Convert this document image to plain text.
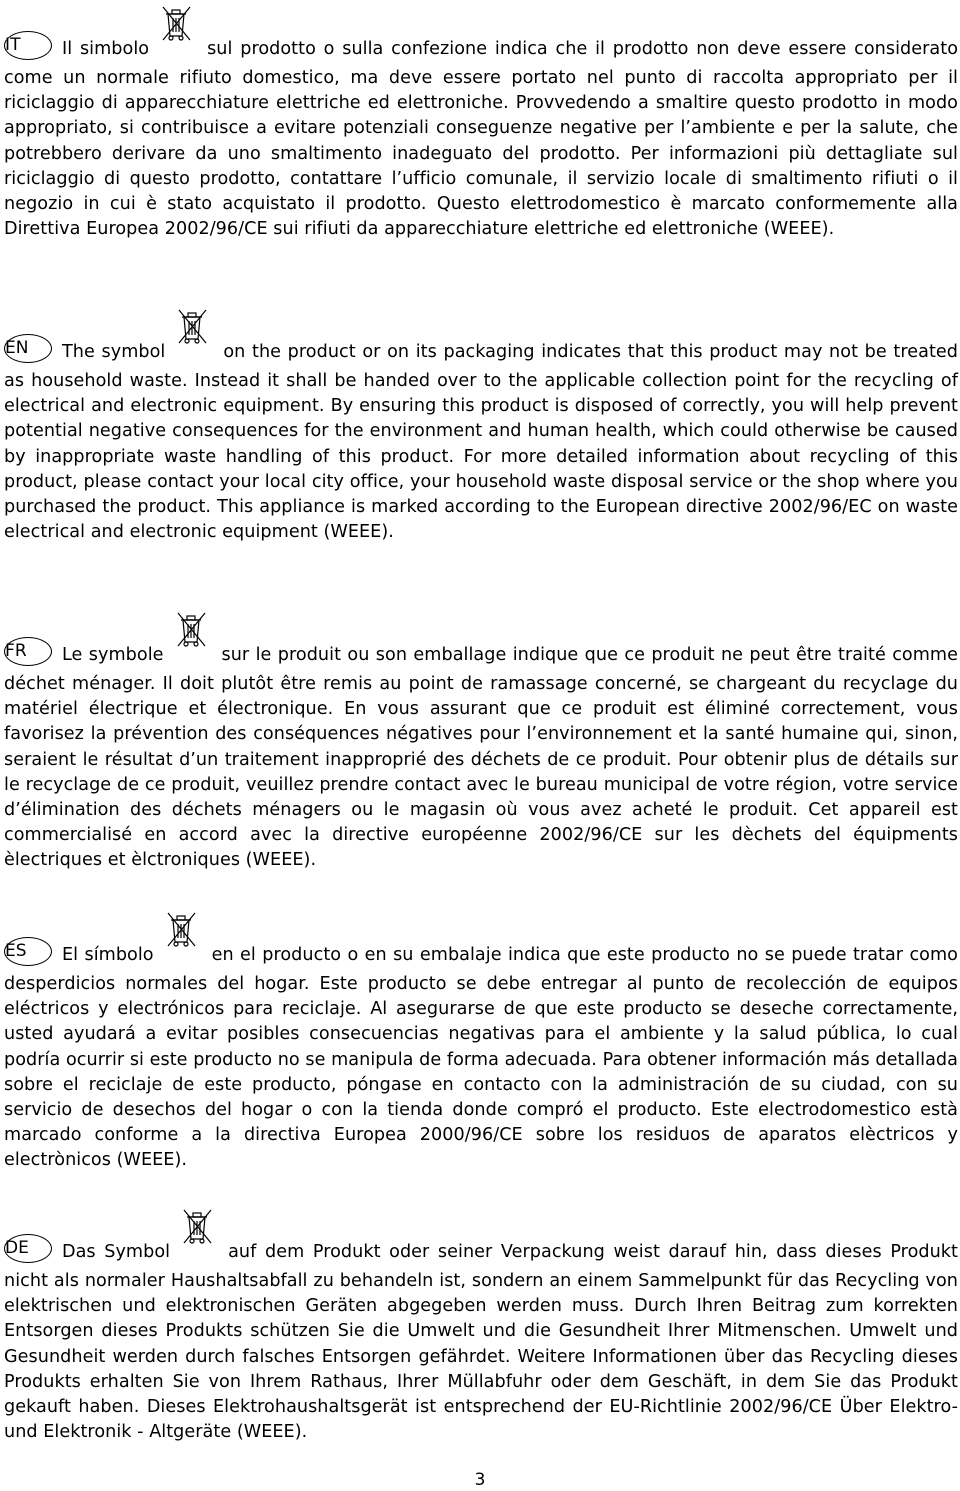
IT Il simbolo	sul prodotto o sulla confezione indica che il prodotto non deve essere considerato come un normale rifiuto domestico, ma deve essere portato nel punto di raccolta appropriato per il riciclaggio di apparecchiature elettriche ed elettroniche. Provvedendo a smaltire questo prodotto in modo appropriato, si contribuisce a evitare potenziali conseguenze negative per l’ambiente e per la salute, che potrebbero derivare da uno smaltimento inadeguato del prodotto. Per informazioni più dettagliate sul riciclaggio di questo prodotto, contattare l’ufficio comunale, il servizio locale di smaltimento rifiuti o il negozio in cui è stato acquistato il prodotto. Questo elettrodomestico è marcato conformemente alla Direttiva Europea 2002/96/CE sui rifiuti da apparecchiature elettriche ed elettroniche (WEEE).

EN The symbol	on the product or on its packaging indicates that this product may not be treated as household waste. Instead it shall be handed over to the applicable collection point for the recycling of electrical and electronic equipment. By ensuring this product is disposed of correctly, you will help prevent potential negative consequences for the environment and human health, which could otherwise be caused by inappropriate waste handling of this product. For more detailed information about recycling of this product, please contact your local city office, your household waste disposal service or the shop where you purchased the product. This appliance is marked according to the European directive 2002/96/EC on waste electrical and electronic equipment (WEEE).

FR Le symbole	sur le produit ou son emballage indique que ce produit ne peut être traité comme déchet ménager. Il doit plutôt être remis au point de ramassage concerné, se chargeant du recyclage du matériel électrique et électronique. En vous assurant que ce produit est éliminé correctement, vous favorisez la prévention des conséquences négatives pour l’environnement et la santé humaine qui, sinon, seraient le résultat d’un traitement inapproprié des déchets de ce produit. Pour obtenir plus de détails sur le recyclage de ce produit, veuillez prendre contact avec le bureau municipal de votre région, votre service d’élimination des déchets ménagers ou le magasin où vous avez acheté le produit. Cet appareil est commercialisé en accord avec la directive européenne 2002/96/CE sur les dèchets del équipments èlectriques et èlctroniques (WEEE).

ES El símbolo	en el producto o en su embalaje indica que este producto no se puede tratar como desperdicios normales del hogar. Este producto se debe entregar al punto de recolección de equipos eléctricos y electrónicos para reciclaje. Al asegurarse de que este producto se deseche correctamente, usted ayudará a evitar posibles consecuencias negativas para el ambiente y la salud pública, lo cual podría ocurrir si este producto no se manipula de forma adecuada. Para obtener información más detallada sobre el reciclaje de este producto, póngase en contacto con la administración de su ciudad, con su servicio de desechos del hogar o con la tienda donde compró el producto. Este electrodomestico està marcado conforme a la directiva Europea 2000/96/CE sobre los residuos de aparatos elèctricos y electrònicos (WEEE).

DE Das Symbol	auf dem Produkt oder seiner Verpackung weist darauf hin, dass dieses Produkt nicht als normaler Haushaltsabfall zu behandeln ist, sondern an einem Sammelpunkt für das Recycling von elektrischen und elektronischen Geräten abgegeben werden muss. Durch Ihren Beitrag zum korrekten Entsorgen dieses Produkts schützen Sie die Umwelt und die Gesundheit Ihrer Mitmenschen. Umwelt und Gesundheit werden durch falsches Entsorgen gefährdet. Weitere Informationen über das Recycling dieses Produkts erhalten Sie von Ihrem Rathaus, Ihrer Müllabfuhr oder dem Geschäft, in dem Sie das Produkt gekauft haben. Dieses Elektrohaushaltsgerät ist entsprechend der EU-Richtlinie 2002/96/CE Über Elektro- und Elektronik - Altgeräte (WEEE).

3
